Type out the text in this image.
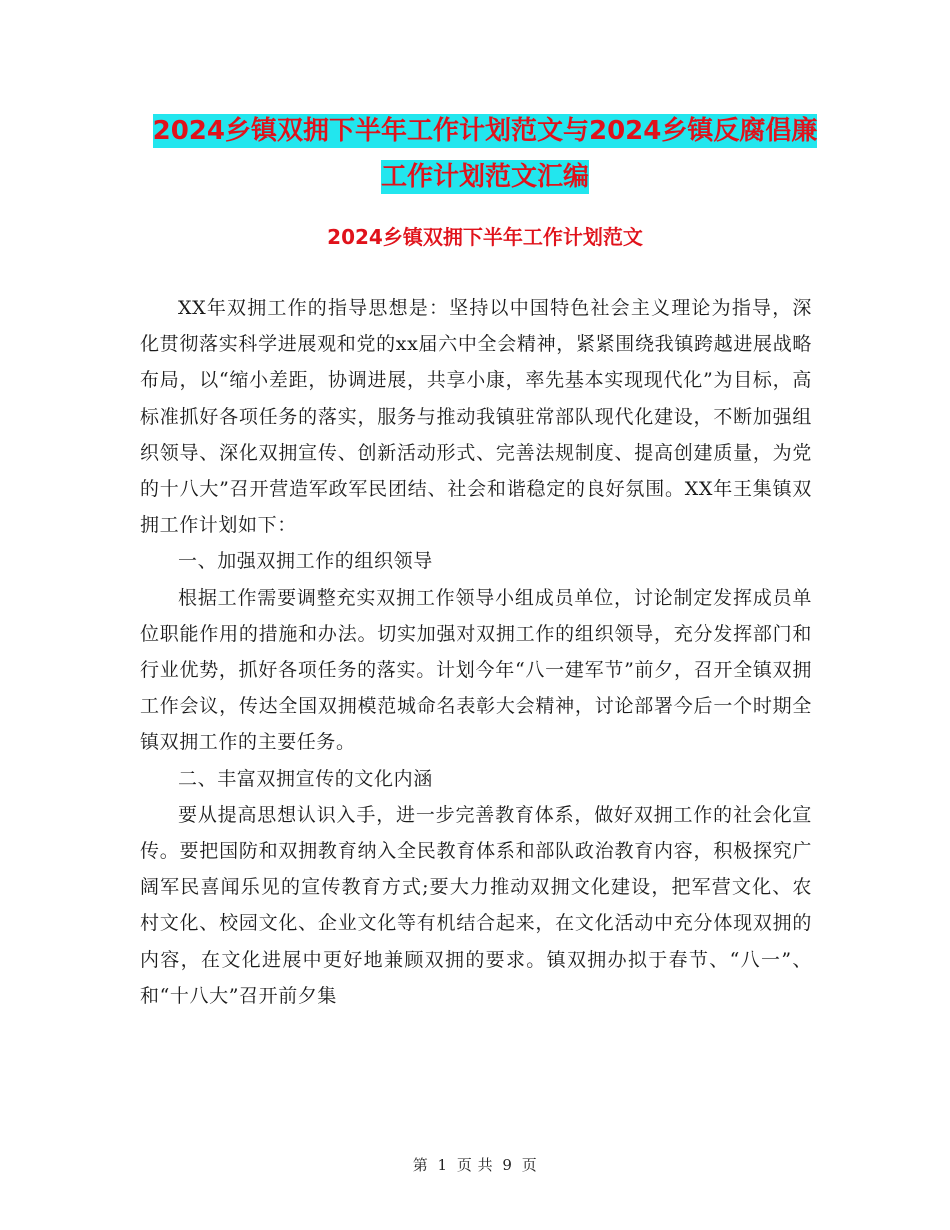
2024乡镇双拥下半年工作计划范文与2024乡镇反腐倡廉工作计划范文汇编
2024乡镇双拥下半年工作计划范文

XX年双拥工作的指导思想是：坚持以中国特色社会主义理论为指导，深化贯彻落实科学进展观和党的xx届六中全会精神，紧紧围绕我镇跨越进展战略布局，以“缩小差距，协调进展，共享小康，率先基本实现现代化”为目标，高标准抓好各项任务的落实，服务与推动我镇驻常部队现代化建设，不断加强组织领导、深化双拥宣传、创新活动形式、完善法规制度、提高创建质量，为党的十八大”召开营造军政军民团结、社会和谐稳定的良好氛围。XX年王集镇双拥工作计划如下：

一、加强双拥工作的组织领导

根据工作需要调整充实双拥工作领导小组成员单位，讨论制定发挥成员单位职能作用的措施和办法。切实加强对双拥工作的组织领导，充分发挥部门和行业优势，抓好各项任务的落实。计划今年“八一建军节”前夕，召开全镇双拥工作会议，传达全国双拥模范城命名表彰大会精神，讨论部署今后一个时期全镇双拥工作的主要任务。

二、丰富双拥宣传的文化内涵

要从提高思想认识入手，进一步完善教育体系，做好双拥工作的社会化宣传。要把国防和双拥教育纳入全民教育体系和部队政治教育内容，积极探究广阔军民喜闻乐见的宣传教育方式;要大力推动双拥文化建设，把军营文化、农村文化、校园文化、企业文化等有机结合起来，在文化活动中充分体现双拥的内容，在文化进展中更好地兼顾双拥的要求。镇双拥办拟于春节、“八一”、和“十八大”召开前夕集

第 1 页 共 9 页
